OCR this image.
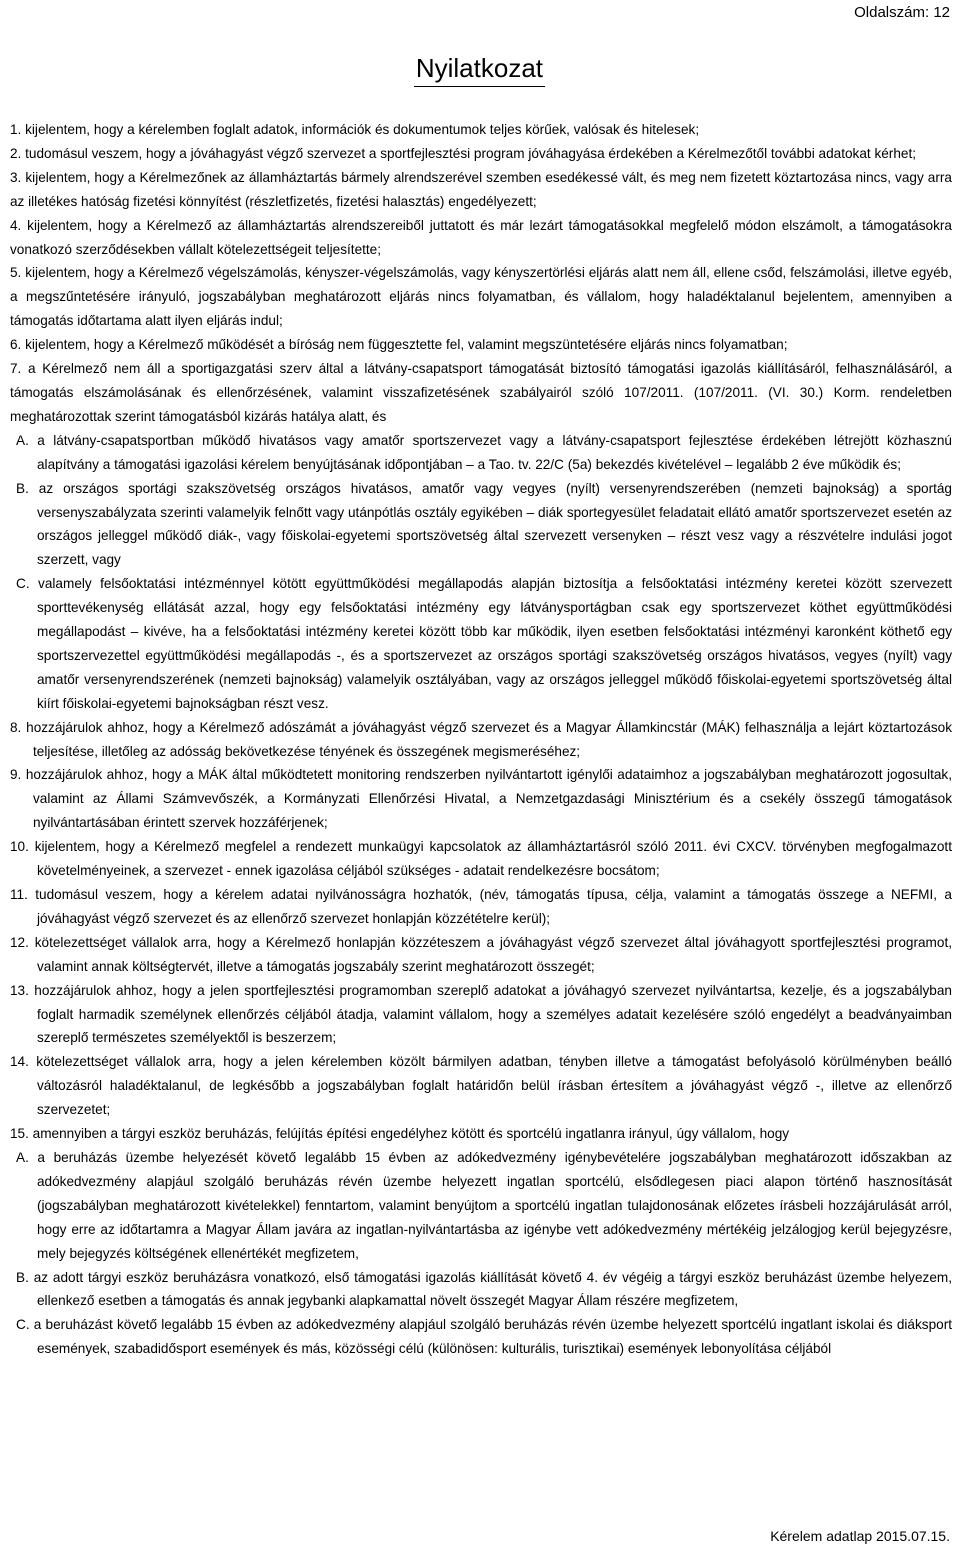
Oldalszám: 12
Nyilatkozat

1. kijelentem, hogy a kérelemben foglalt adatok, információk és dokumentumok teljes körűek, valósak és hitelesek;

2. tudomásul veszem, hogy a jóváhagyást végző szervezet a sportfejlesztési program jóváhagyása érdekében a Kérelmezőtől további adatokat kérhet;

3. kijelentem, hogy a Kérelmezőnek az államháztartás bármely alrendszerével szemben esedékessé vált, és meg nem fizetett köztartozása nincs, vagy arra az illetékes hatóság fizetési könnyítést (részletfizetés, fizetési halasztás) engedélyezett;

4. kijelentem, hogy a Kérelmező az államháztartás alrendszereiből juttatott és már lezárt támogatásokkal megfelelő módon elszámolt, a támogatásokra vonatkozó szerződésekben vállalt kötelezettségeit teljesítette;

5. kijelentem, hogy a Kérelmező végelszámolás, kényszer-végelszámolás, vagy kényszertörlési eljárás alatt nem áll, ellene csőd, felszámolási, illetve egyéb, a megszűntetésére irányuló, jogszabályban meghatározott eljárás nincs folyamatban, és vállalom, hogy haladéktalanul bejelentem, amennyiben a támogatás időtartama alatt ilyen eljárás indul;

6. kijelentem, hogy a Kérelmező működését a bíróság nem függesztette fel, valamint megszüntetésére eljárás nincs folyamatban;

7. a Kérelmező nem áll a sportigazgatási szerv által a látvány-csapatsport támogatását biztosító támogatási igazolás kiállításáról, felhasználásáról, a támogatás elszámolásának és ellenőrzésének, valamint visszafizetésének szabályairól szóló 107/2011. (107/2011. (VI. 30.) Korm. rendeletben meghatározottak szerint támogatásból kizárás hatálya alatt, és

A. a látvány-csapatsportban működő hivatásos vagy amatőr sportszervezet vagy a látvány-csapatsport fejlesztése érdekében létrejött közhasznú alapítvány a támogatási igazolási kérelem benyújtásának időpontjában – a Tao. tv. 22/C (5a) bekezdés kivételével – legalább 2 éve működik és;

B. az országos sportági szakszövetség országos hivatásos, amatőr vagy vegyes (nyílt) versenyrendszerében (nemzeti bajnokság) a sportág versenyszabályzata szerinti valamelyik felnőtt vagy utánpótlás osztály egyikében – diák sportegyesület feladatait ellátó amatőr sportszervezet esetén az országos jelleggel működő diák-, vagy főiskolai-egyetemi sportszövetség által szervezett versenyken – részt vesz vagy a részvételre indulási jogot szerzett, vagy

C. valamely felsőoktatási intézménnyel kötött együttműködési megállapodás alapján biztosítja a felsőoktatási intézmény keretei között szervezett sporttevékenység ellátását azzal, hogy egy felsőoktatási intézmény egy látványsportágban csak egy sportszervezet köthet együttműködési megállapodást – kivéve, ha a felsőoktatási intézmény keretei között több kar működik, ilyen esetben felsőoktatási intézményi karonként köthető egy sportszervezettel együttműködési megállapodás -, és a sportszervezet az országos sportági szakszövetség országos hivatásos, vegyes (nyílt) vagy amatőr versenyrendszerének (nemzeti bajnokság) valamelyik osztályában, vagy az országos jelleggel működő főiskolai-egyetemi sportszövetség által kiírt főiskolai-egyetemi bajnokságban részt vesz.

8. hozzájárulok ahhoz, hogy a Kérelmező adószámát a jóváhagyást végző szervezet és a Magyar Államkincstár (MÁK) felhasználja a lejárt köztartozások teljesítése, illetőleg az adósság bekövetkezése tényének és összegének megismeréséhez;

9. hozzájárulok ahhoz, hogy a MÁK által működtetett monitoring rendszerben nyilvántartott igénylői adataimhoz a jogszabályban meghatározott jogosultak, valamint az Állami Számvevőszék, a Kormányzati Ellenőrzési Hivatal, a Nemzetgazdasági Minisztérium és a csekély összegű támogatások nyilvántartásában érintett szervek hozzáférjenek;

10. kijelentem, hogy a Kérelmező megfelel a rendezett munkaügyi kapcsolatok az államháztartásról szóló 2011. évi CXCV. törvényben megfogalmazott követelményeinek, a szervezet - ennek igazolása céljából szükséges - adatait rendelkezésre bocsátom;

11. tudomásul veszem, hogy a kérelem adatai nyilvánosságra hozhatók, (név, támogatás típusa, célja, valamint a támogatás összege a NEFMI, a jóváhagyást végző szervezet és az ellenőrző szervezet honlapján közzétételre kerül);

12. kötelezettséget vállalok arra, hogy a Kérelmező honlapján közzéteszem a jóváhagyást végző szervezet által jóváhagyott sportfejlesztési programot, valamint annak költségtervét, illetve a támogatás jogszabály szerint meghatározott összegét;

13. hozzájárulok ahhoz, hogy a jelen sportfejlesztési programomban szereplő adatokat a jóváhagyó szervezet nyilvántartsa, kezelje, és a jogszabályban foglalt harmadik személynek ellenőrzés céljából átadja, valamint vállalom, hogy a személyes adatait kezelésére szóló engedélyt a beadványaimban szereplő természetes személyektől is beszerzem;

14. kötelezettséget vállalok arra, hogy a jelen kérelemben közölt bármilyen adatban, tényben illetve a támogatást befolyásoló körülményben beálló változásról haladéktalanul, de legkésőbb a jogszabályban foglalt határidőn belül írásban értesítem a jóváhagyást végző -, illetve az ellenőrző szervezetet;

15. amennyiben a tárgyi eszköz beruházás, felújítás építési engedélyhez kötött és sportcélú ingatlanra irányul, úgy vállalom, hogy

A. a beruházás üzembe helyezését követő legalább 15 évben az adókedvezmény igénybevételére jogszabályban meghatározott időszakban az adókedvezmény alapjául szolgáló beruházás révén üzembe helyezett ingatlan sportcélú, elsődlegesen piaci alapon történő hasznosítását (jogszabályban meghatározott kivételekkel) fenntartom, valamint benyújtom a sportcélú ingatlan tulajdonosának előzetes írásbeli hozzájárulását arról, hogy erre az időtartamra a Magyar Állam javára az ingatlan-nyilvántartásba az igénybe vett adókedvezmény mértékéig jelzálogjog kerül bejegyzésre, mely bejegyzés költségének ellenértékét megfizetem,

B. az adott tárgyi eszköz beruházásra vonatkozó, első támogatási igazolás kiállítását követő 4. év végéig a tárgyi eszköz beruházást üzembe helyezem, ellenkező esetben a támogatás és annak jegybanki alapkamattal növelt összegét Magyar Állam részére megfizetem,

C. a beruházást követő legalább 15 évben az adókedvezmény alapjául szolgáló beruházás révén üzembe helyezett sportcélú ingatlant iskolai és diáksport események, szabadidősport események és más, közösségi célú (különösen: kulturális, turisztikai) események lebonyolítása céljából

Kérelem adatlap 2015.07.15.
